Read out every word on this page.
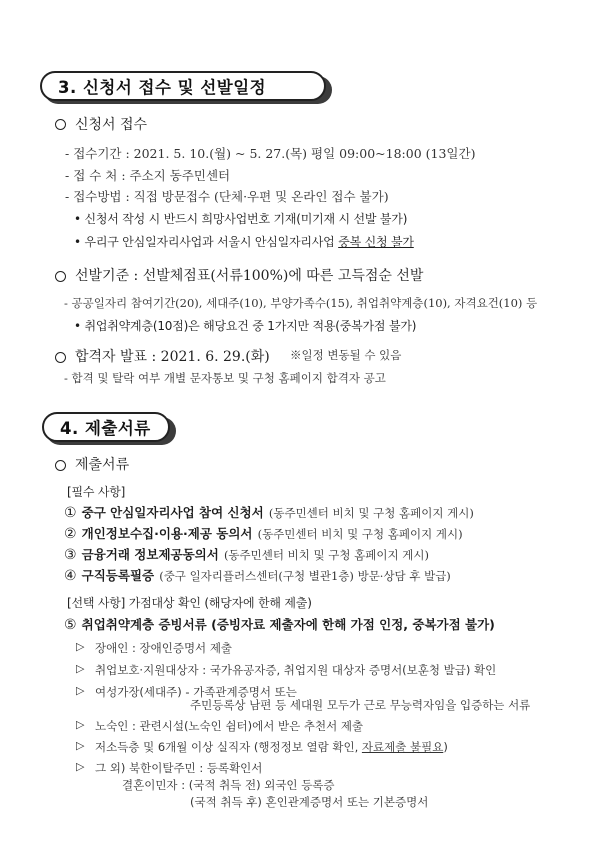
3. 신청서 접수 및 선발일정
신청서 접수
- 접수기간 : 2021. 5. 10.(월) ~ 5. 27.(목) 평일 09:00~18:00 (13일간)
- 접 수 처 : 주소지 동주민센터
- 접수방법 : 직접 방문접수 (단체·우편 및 온라인 접수 불가)
• 신청서 작성 시 반드시 희망사업번호 기재(미기재 시 선발 불가)
• 우리구 안심일자리사업과 서울시 안심일자리사업 중복 신청 불가
선발기준 : 선발체점표(서류100%)에 따른 고득점순 선발
- 공공일자리 참여기간(20), 세대주(10), 부양가족수(15), 취업취약계층(10), 자격요건(10) 등
• 취업취약계층(10점)은 해당요건 중 1가지만 적용(중복가점 불가)
합격자 발표 : 2021. 6. 29.(화) ※일정 변동될 수 있음
- 합격 및 탈락 여부 개별 문자통보 및 구청 홈페이지 합격자 공고
4. 제출서류
제출서류
[필수 사항]
① 중구 안심일자리사업 참여 신청서 (동주민센터 비치 및 구청 홈페이지 게시)
② 개인정보수집·이용·제공 동의서 (동주민센터 비치 및 구청 홈페이지 게시)
③ 금융거래 정보제공동의서 (동주민센터 비치 및 구청 홈페이지 게시)
④ 구직등록필증 (중구 일자리플러스센터(구청 별관1층) 방문·상담 후 발급)
[선택 사항] 가점대상 확인 (해당자에 한해 제출)
⑤ 취업취약계층 증빙서류 (증빙자료 제출자에 한해 가점 인정, 중복가점 불가)
▷ 장애인 : 장애인증명서 제출
▷ 취업보호·지원대상자 : 국가유공자증, 취업지원 대상자 증명서(보훈청 발급) 확인
▷ 여성가장(세대주) - 가족관계증명서 또는
주민등록상 남편 등 세대원 모두가 근로 무능력자임을 입증하는 서류
▷ 노숙인 : 관련시설(노숙인 쉼터)에서 받은 추천서 제출
▷ 저소득층 및 6개월 이상 실직자 (행정정보 열람 확인, 자료제출 불필요)
▷ 그 외) 북한이탈주민 : 등록확인서
결혼이민자 : (국적 취득 전) 외국인 등록증
(국적 취득 후) 혼인관계증명서 또는 기본증명서
